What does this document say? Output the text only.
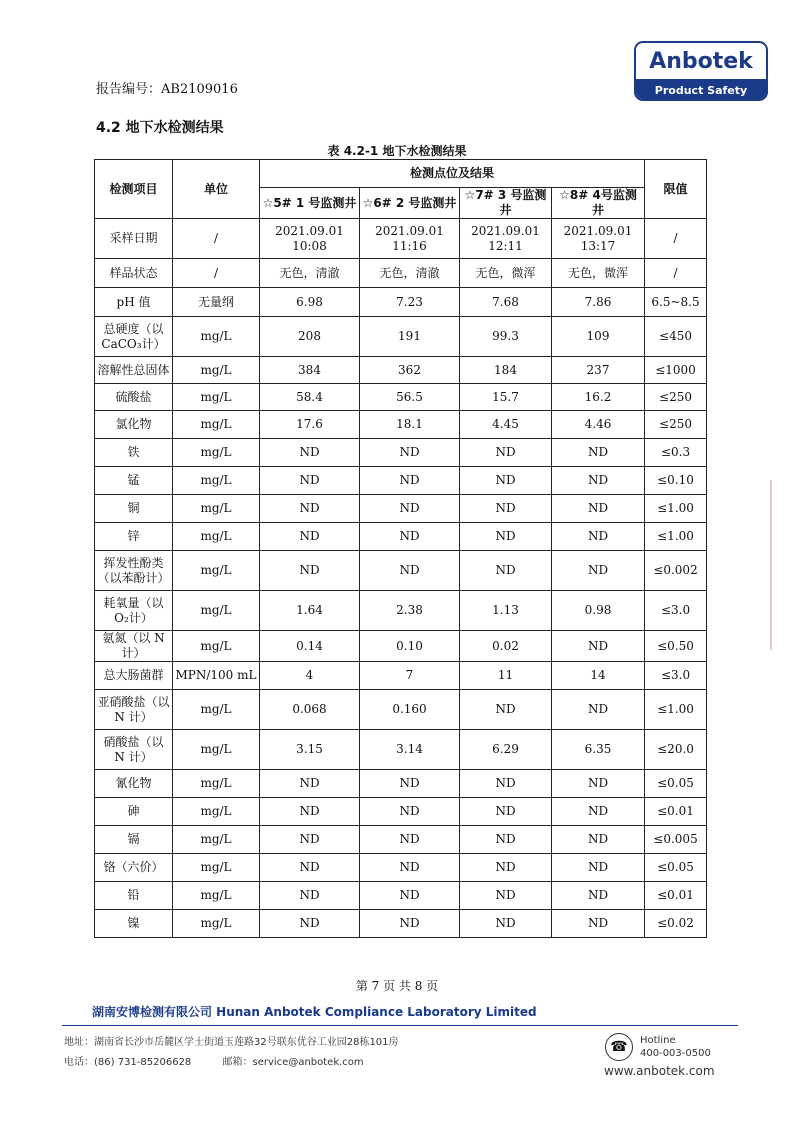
报告编号：AB2109016
Anbotek
Product Safety
4.2 地下水检测结果
表 4.2-1 地下水检测结果
检测项目	单位	检测点位及结果				限值
		☆5# 1 号监测井	☆6# 2 号监测井	☆7# 3 号监测井	☆8# 4号监测井	
采样日期	/	2021.09.01 10:08	2021.09.01 11:16	2021.09.01 12:11	2021.09.01 13:17	/
样品状态	/	无色，清澈	无色，清澈	无色，微浑	无色，微浑	/
pH 值	无量纲	6.98	7.23	7.68	7.86	6.5~8.5
总硬度（以CaCO₃计）	mg/L	208	191	99.3	109	≤450
溶解性总固体	mg/L	384	362	184	237	≤1000
硫酸盐	mg/L	58.4	56.5	15.7	16.2	≤250
氯化物	mg/L	17.6	18.1	4.45	4.46	≤250
铁	mg/L	ND	ND	ND	ND	≤0.3
锰	mg/L	ND	ND	ND	ND	≤0.10
铜	mg/L	ND	ND	ND	ND	≤1.00
锌	mg/L	ND	ND	ND	ND	≤1.00
挥发性酚类（以苯酚计）	mg/L	ND	ND	ND	ND	≤0.002
耗氧量（以 O₂计）	mg/L	1.64	2.38	1.13	0.98	≤3.0
氨氮（以 N 计）	mg/L	0.14	0.10	0.02	ND	≤0.50
总大肠菌群	MPN/100 mL	4	7	11	14	≤3.0
亚硝酸盐（以 N 计）	mg/L	0.068	0.160	ND	ND	≤1.00
硝酸盐（以 N 计）	mg/L	3.15	3.14	6.29	6.35	≤20.0
氰化物	mg/L	ND	ND	ND	ND	≤0.05
砷	mg/L	ND	ND	ND	ND	≤0.01
镉	mg/L	ND	ND	ND	ND	≤0.005
铬（六价）	mg/L	ND	ND	ND	ND	≤0.05
铅	mg/L	ND	ND	ND	ND	≤0.01
镍	mg/L	ND	ND	ND	ND	≤0.02
第 7 页 共 8 页
湖南安博检测有限公司 Hunan Anbotek Compliance Laboratory Limited
地址：湖南省长沙市岳麓区学士街道玉莲路32号联东优谷工业园28栋101房
电话：(86) 731-85206628	邮箱：service@anbotek.com
☎	Hotline
400-003-0500
www.anbotek.com
